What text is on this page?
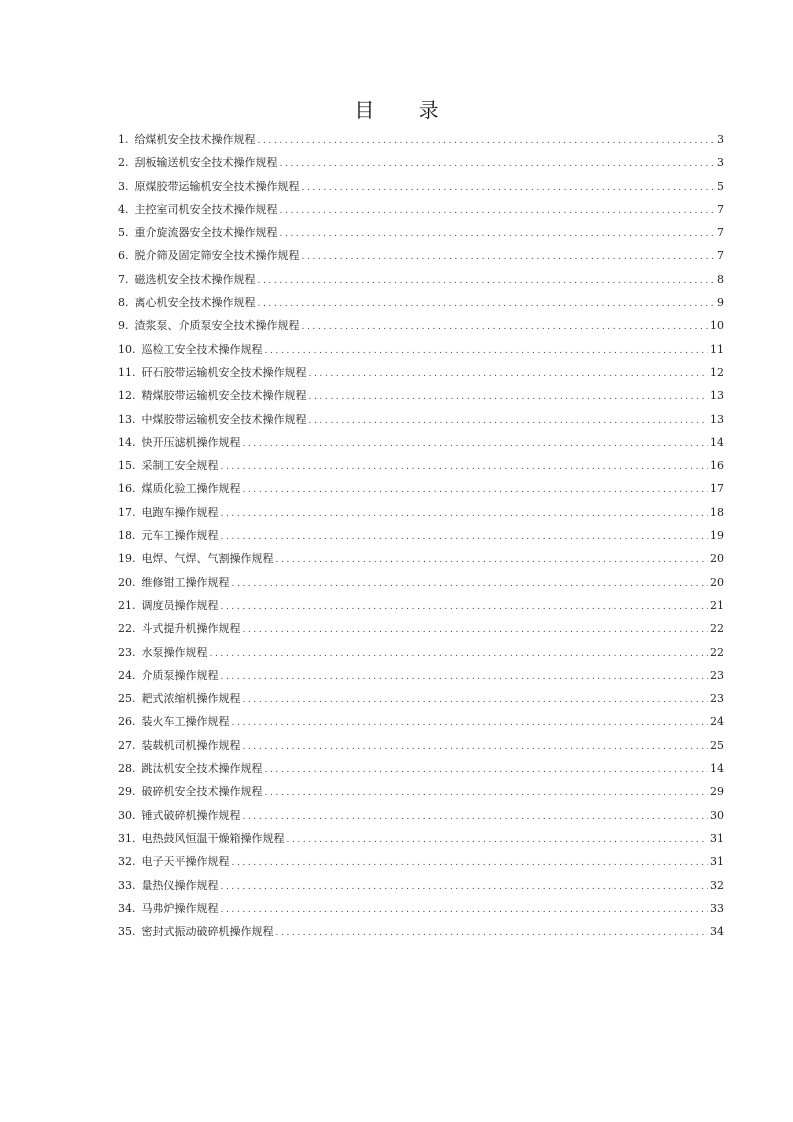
目 录
1. 给煤机安全技术操作规程 .....	3
2. 刮板输送机安全技术操作规程 .....	3
3. 原煤胶带运输机安全技术操作规程 .....	5
4. 主控室司机安全技术操作规程 .....	7
5. 重介旋流器安全技术操作规程 .....	7
6. 脱介筛及固定筛安全技术操作规程 .....	7
7. 磁选机安全技术操作规程 .....	8
8. 离心机安全技术操作规程 .....	9
9. 渣浆泵、介质泵安全技术操作规程 .....	10
10. 巡检工安全技术操作规程 .....	11
11. 矸石胶带运输机安全技术操作规程 .....	12
12. 精煤胶带运输机安全技术操作规程 .....	13
13. 中煤胶带运输机安全技术操作规程 .....	13
14. 快开压滤机操作规程 .....	14
15. 采制工安全规程 .....	16
16. 煤质化验工操作规程 .....	17
17. 电跑车操作规程 .....	18
18. 元车工操作规程 .....	19
19. 电焊、气焊、气割操作规程 .....	20
20. 维修钳工操作规程 .....	20
21. 调度员操作规程 .....	21
22. 斗式提升机操作规程 .....	22
23. 水泵操作规程 .....	22
24. 介质泵操作规程 .....	23
25. 耙式浓缩机操作规程 .....	23
26. 装火车工操作规程 .....	24
27. 装载机司机操作规程 .....	25
28. 跳汰机安全技术操作规程 .....	14
29. 破碎机安全技术操作规程 .....	29
30. 锤式破碎机操作规程 .....	30
31. 电热鼓风恒温干燥箱操作规程 .....	31
32. 电子天平操作规程 .....	31
33. 量热仪操作规程 .....	32
34. 马弗炉操作规程 .....	33
35. 密封式振动破碎机操作规程 .....	34
